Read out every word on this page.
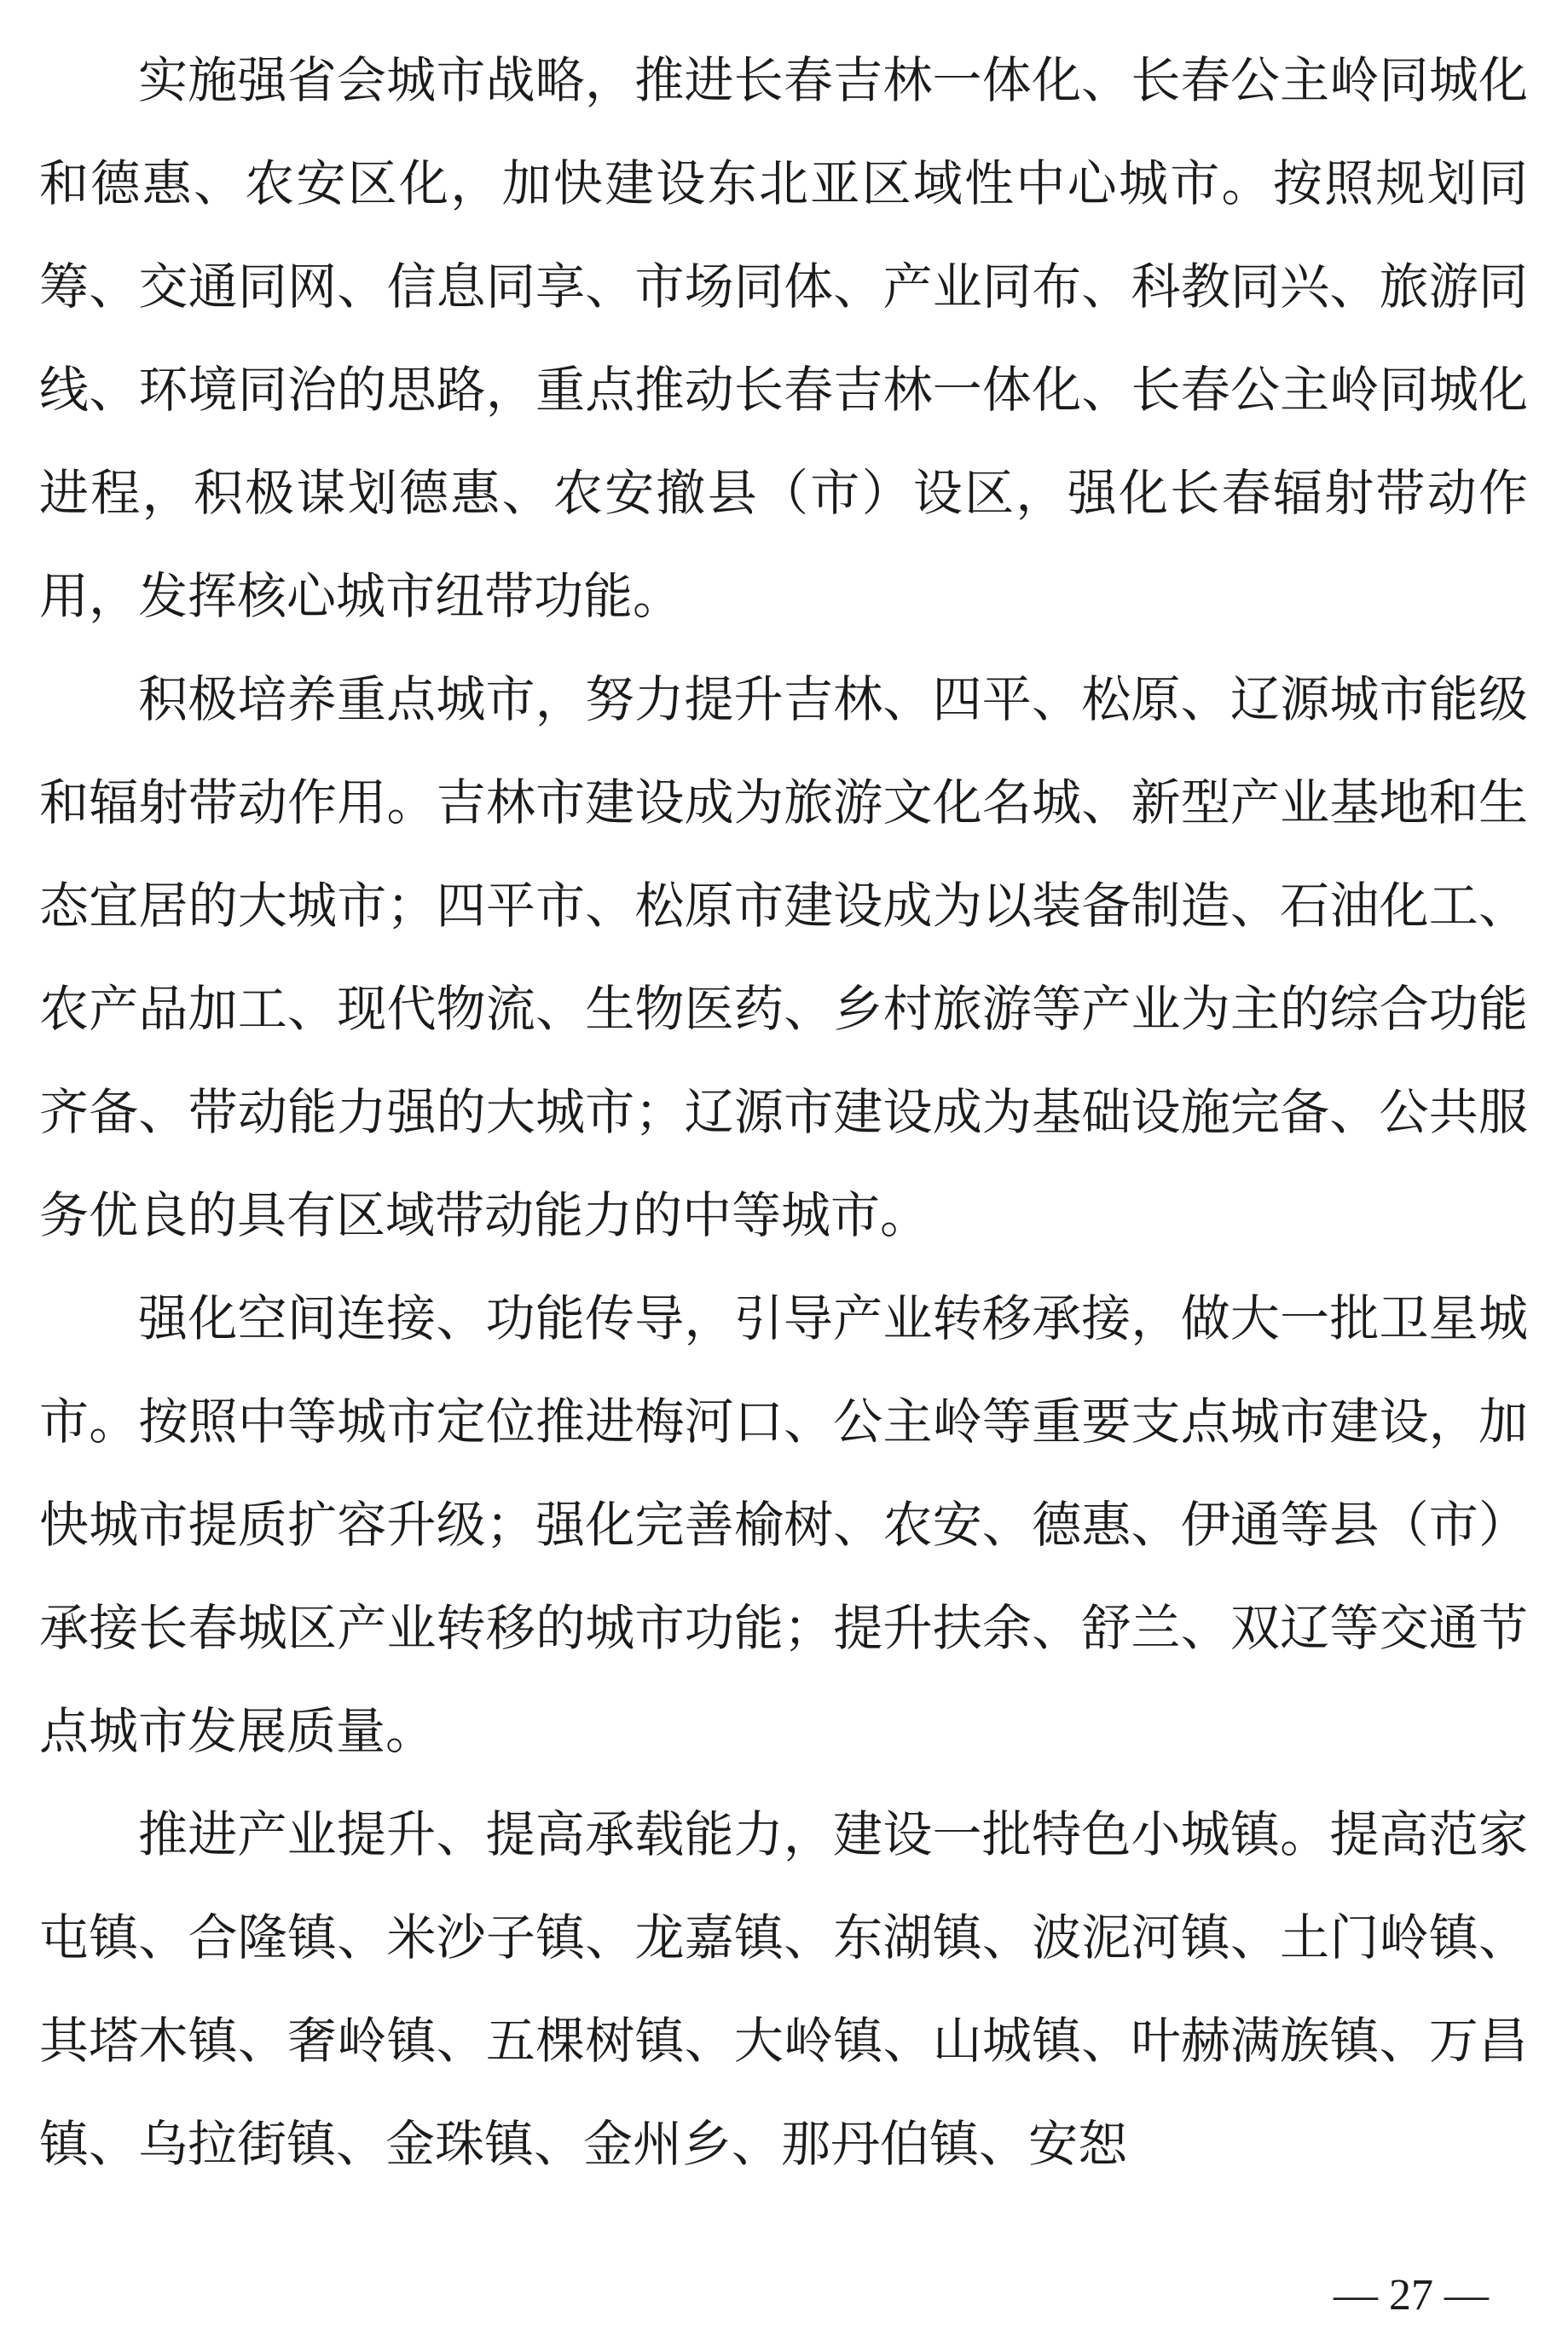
实施强省会城市战略，推进长春吉林一体化、长春公主岭同城化和德惠、农安区化，加快建设东北亚区域性中心城市。按照规划同筹、交通同网、信息同享、市场同体、产业同布、科教同兴、旅游同线、环境同治的思路，重点推动长春吉林一体化、长春公主岭同城化进程，积极谋划德惠、农安撤县（市）设区，强化长春辐射带动作用，发挥核心城市纽带功能。

积极培养重点城市，努力提升吉林、四平、松原、辽源城市能级和辐射带动作用。吉林市建设成为旅游文化名城、新型产业基地和生态宜居的大城市；四平市、松原市建设成为以装备制造、石油化工、农产品加工、现代物流、生物医药、乡村旅游等产业为主的综合功能齐备、带动能力强的大城市；辽源市建设成为基础设施完备、公共服务优良的具有区域带动能力的中等城市。

强化空间连接、功能传导，引导产业转移承接，做大一批卫星城市。按照中等城市定位推进梅河口、公主岭等重要支点城市建设，加快城市提质扩容升级；强化完善榆树、农安、德惠、伊通等县（市）承接长春城区产业转移的城市功能；提升扶余、舒兰、双辽等交通节点城市发展质量。

推进产业提升、提高承载能力，建设一批特色小城镇。提高范家屯镇、合隆镇、米沙子镇、龙嘉镇、东湖镇、波泥河镇、土门岭镇、其塔木镇、奢岭镇、五棵树镇、大岭镇、山城镇、叶赫满族镇、万昌镇、乌拉街镇、金珠镇、金州乡、那丹伯镇、安恕

— 27 —
